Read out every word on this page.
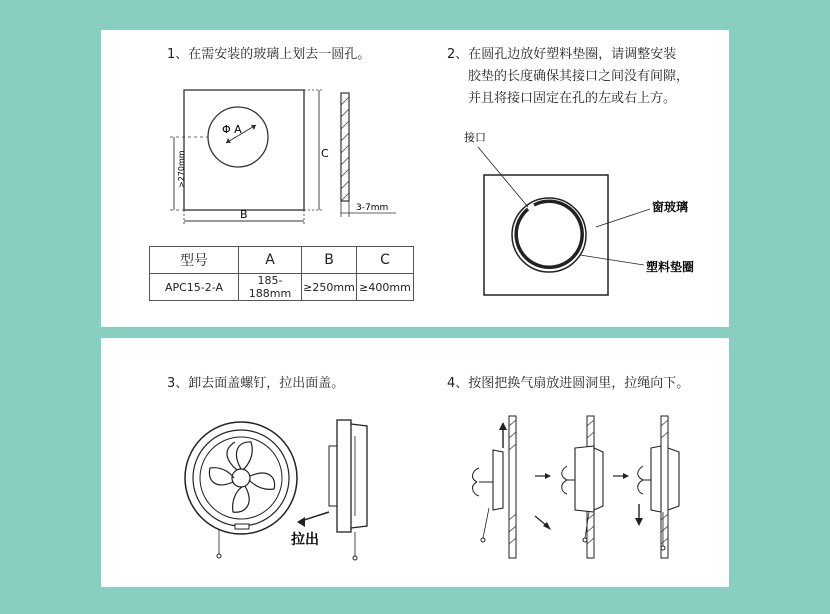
1、在需安装的玻璃上划去一圆孔。
Φ A
>270mm
B
C
3-7mm
型号	A	B	C
APC15-2-A	185-188mm	≥250mm	≥400mm
2、在圆孔边放好塑料垫圈，请调整安装
胶垫的长度确保其接口之间没有间隙，
并且将接口固定在孔的左或右上方。
接口
窗玻璃
塑料垫圈
3、卸去面盖螺钉，拉出面盖。	4、按图把换气扇放进圆洞里，拉绳向下。
拉出
